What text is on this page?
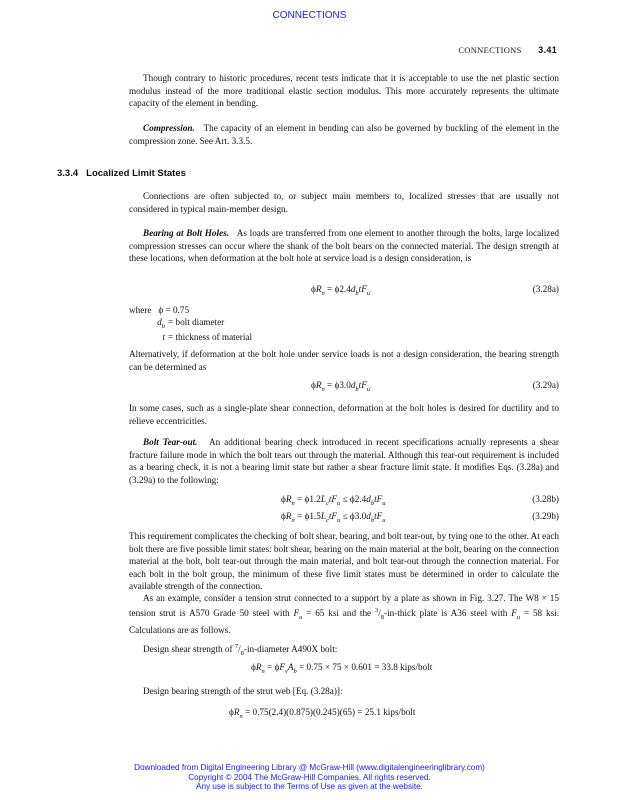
CONNECTIONS
CONNECTIONS 3.41

Though contrary to historic procedures, recent tests indicate that it is acceptable to use the net plastic section modulus instead of the more traditional elastic section modulus. This more accurately represents the ultimate capacity of the element in bending.

Compression. The capacity of an element in bending can also be governed by buckling of the element in the compression zone. See Art. 3.3.5.

3.3.4 Localized Limit States

Connections are often subjected to, or subject main members to, localized stresses that are usually not considered in typical main-member design.

Bearing at Bolt Holes. As loads are transferred from one element to another through the bolts, large localized compression stresses can occur where the shank of the bolt bears on the connected material. The design strength at these locations, when deformation at the bolt hole at service load is a design consideration, is

$\phi R_n = \phi 2.4d_btF_u$	(3.28a)
where   ϕ = 0.75
$d_b$ = bolt diameter
t = thickness of material

Alternatively, if deformation at the bolt hole under service loads is not a design consideration, the bearing strength can be determined as

$\phi R_n = \phi 3.0d_btF_u$	(3.29a)

In some cases, such as a single-plate shear connection, deformation at the bolt holes is desired for ductility and to relieve eccentricities.

Bolt Tear-out. An additional bearing check introduced in recent specifications actually represents a shear fracture failure mode in which the bolt tears out through the material. Although this tear-out requirement is included as a bearing check, it is not a bearing limit state but rather a shear fracture limit state. It modifies Eqs. (3.28a) and (3.29a) to the following:

$\phi R_n = \phi 1.2L_ctF_u \le \phi 2.4d_btF_u$	(3.28b)
$\phi R_n = \phi 1.5L_ctF_u \le \phi 3.0d_btF_u$	(3.29b)

This requirement complicates the checking of bolt shear, bearing, and bolt tear-out, by tying one to the other. At each bolt there are five possible limit states: bolt shear, bearing on the main material at the bolt, bearing on the connection material at the bolt, bolt tear-out through the main material, and bolt tear-out through the connection material. For each bolt in the bolt group, the minimum of these five limit states must be determined in order to calculate the available strength of the connection.

As an example, consider a tension strut connected to a support by a plate as shown in Fig. 3.27. The W8 × 15 tension strut is A570 Grade 50 steel with $F_u = 65$ ksi and the $^3/_8-in$-thick plate is A36 steel with $F_u = 58$ ksi. Calculations are as follows.

Design shear strength of $^7/_8-in$-diameter A490X bolt:

$\phi R_n = \phi F_vA_b = 0.75 \times 75 \times 0.601 = 33.8$ kips/bolt

Design bearing strength of the strut web [Eq. (3.28a)]:

$\phi R_n = 0.75(2.4)(0.875)(0.245)(65) = 25.1$ kips/bolt
Downloaded from Digital Engineering Library @ McGraw-Hill (www.digitalengineeringlibrary.com)
Copyright © 2004 The McGraw-Hill Companies. All rights reserved.
Any use is subject to the Terms of Use as given at the website.
